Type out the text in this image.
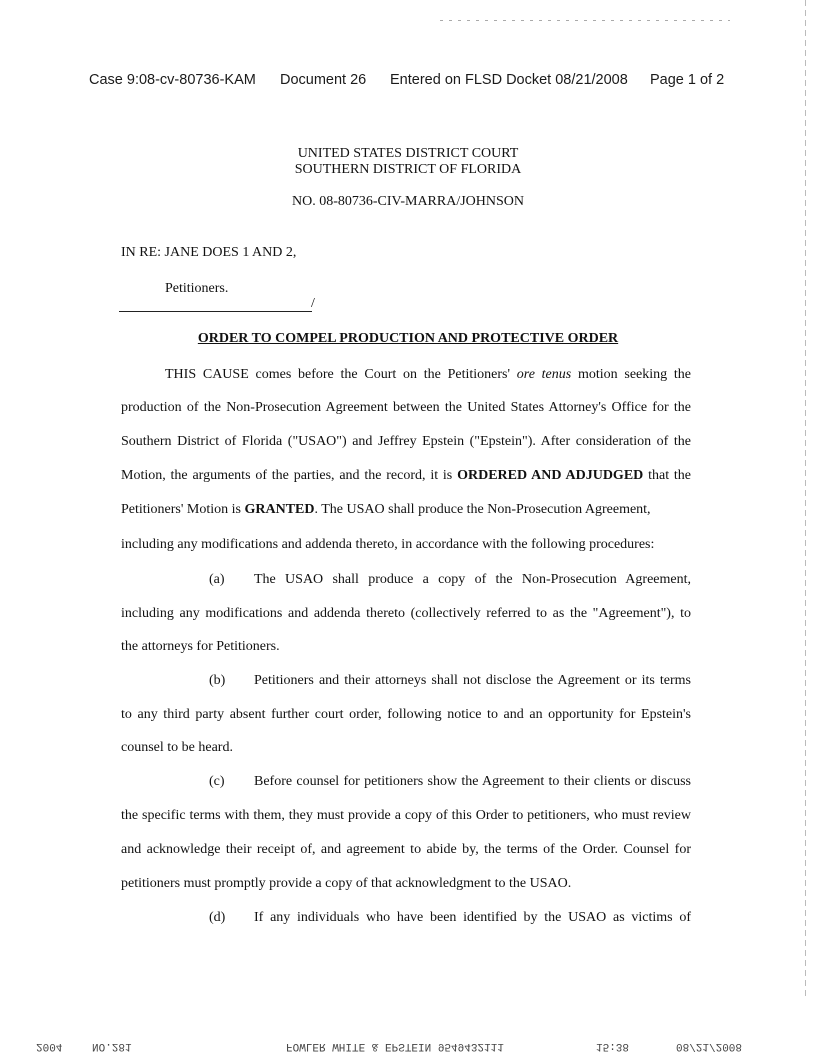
Case 9:08-cv-80736-KAM Document 26 Entered on FLSD Docket 08/21/2008 Page 1 of 2
UNITED STATES DISTRICT COURT
SOUTHERN DISTRICT OF FLORIDA
NO. 08-80736-CIV-MARRA/JOHNSON
IN RE: JANE DOES 1 AND 2,
Petitioners.
/
ORDER TO COMPEL PRODUCTION AND PROTECTIVE ORDER
THIS CAUSE comes before the Court on the Petitioners' ore tenus motion seeking the
production of the Non-Prosecution Agreement between the United States Attorney's Office for the
Southern District of Florida ("USAO") and Jeffrey Epstein ("Epstein"). After consideration of the
Motion, the arguments of the parties, and the record, it is ORDERED AND ADJUDGED that the
Petitioners' Motion is GRANTED. The USAO shall produce the Non-Prosecution Agreement,
including any modifications and addenda thereto, in accordance with the following procedures:
(a) The USAO shall produce a copy of the Non-Prosecution Agreement,
including any modifications and addenda thereto (collectively referred to as the "Agreement"), to
the attorneys for Petitioners.
(b) Petitioners and their attorneys shall not disclose the Agreement or its terms
to any third party absent further court order, following notice to and an opportunity for Epstein's
counsel to be heard.
(c) Before counsel for petitioners show the Agreement to their clients or discuss
the specific terms with them, they must provide a copy of this Order to petitioners, who must review
and acknowledge their receipt of, and agreement to abide by, the terms of the Order. Counsel for
petitioners must promptly provide a copy of that acknowledgment to the USAO.
(d) If any individuals who have been identified by the USAO as victims of
2004	NO.281	FOWLER WHITE & EPSTEIN 9549432111	15:38	08/21/2008
